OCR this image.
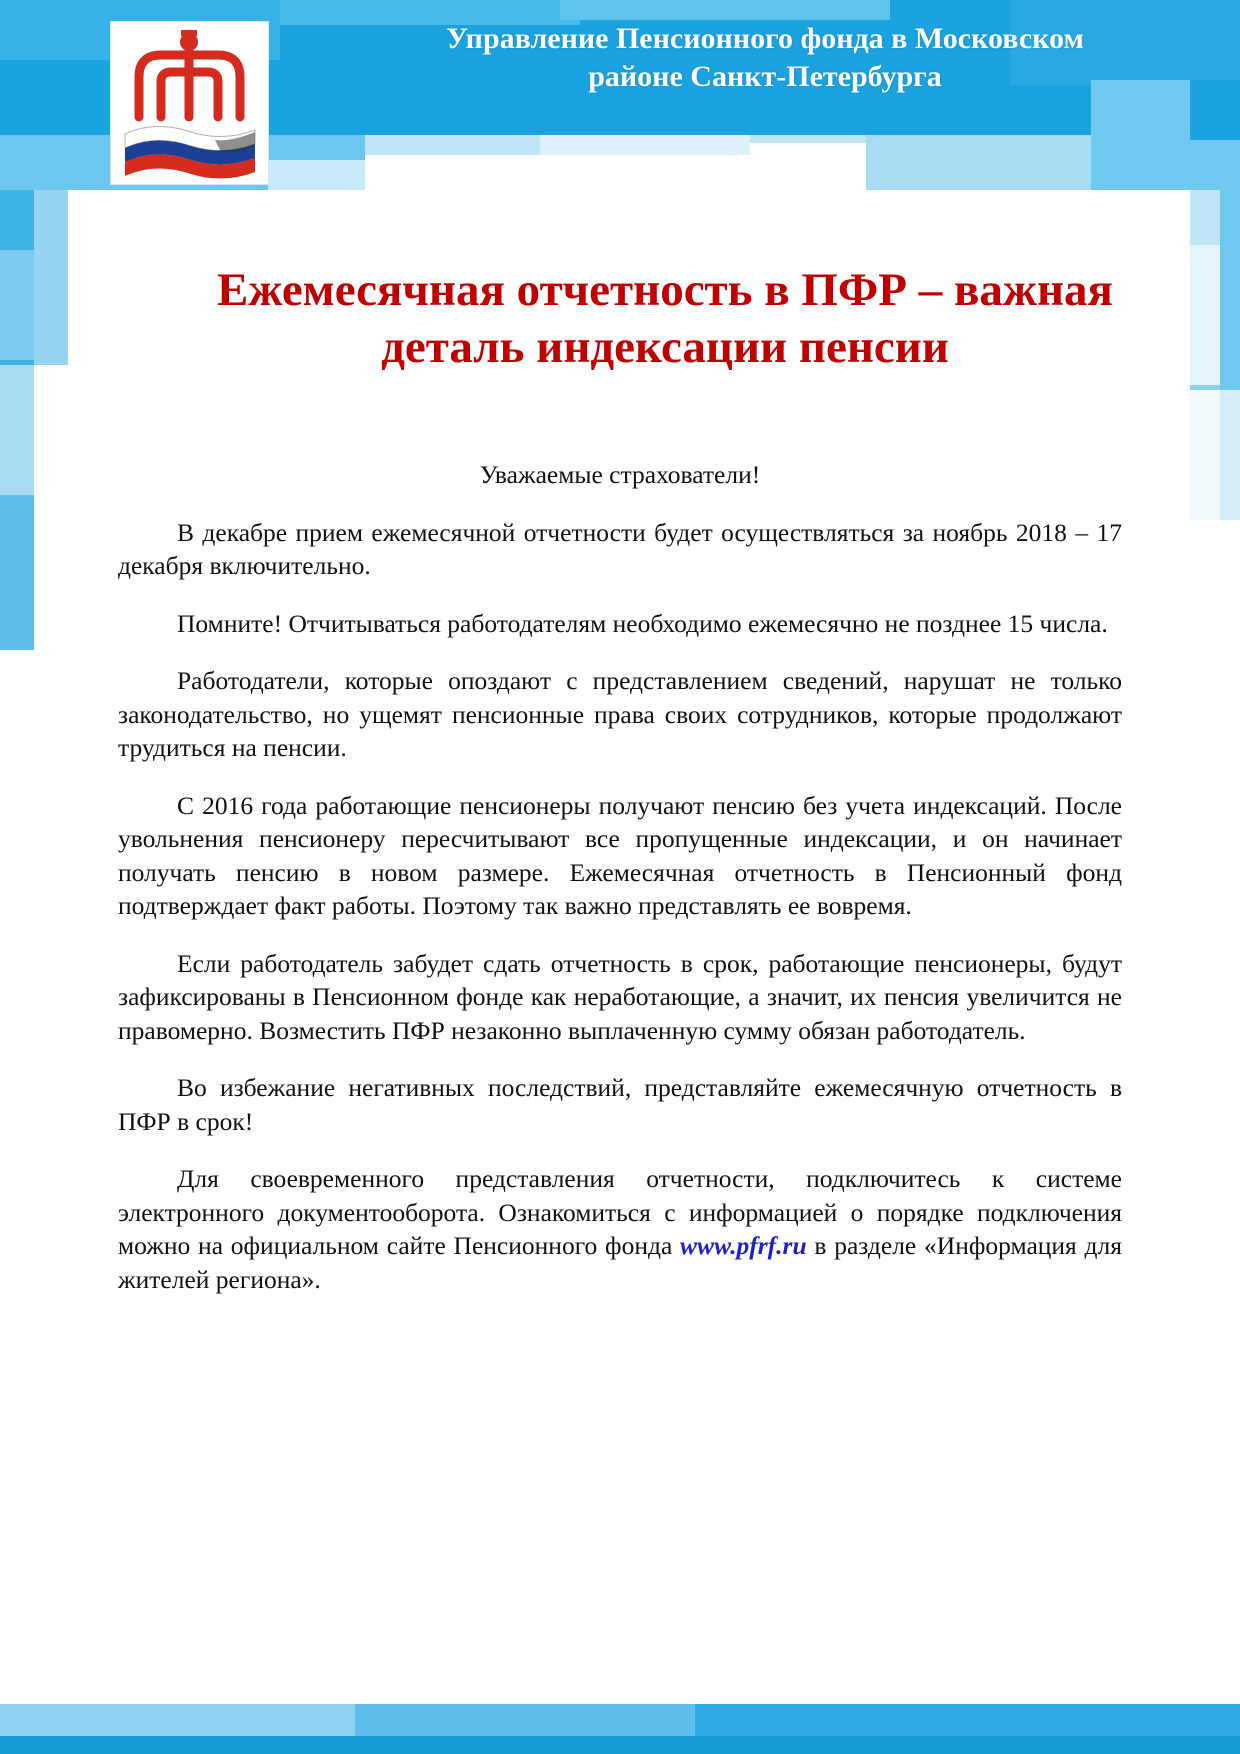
Управление Пенсионного фонда в Московском
районе Санкт-Петербурга
Ежемесячная отчетность в ПФР – важная деталь индексации пенсии

Уважаемые страхователи!

В декабре прием ежемесячной отчетности будет осуществляться за ноябрь 2018 – 17 декабря включительно.

Помните! Отчитываться работодателям необходимо ежемесячно не позднее 15 числа.

Работодатели, которые опоздают с представлением сведений, нарушат не только законодательство, но ущемят пенсионные права своих сотрудников, которые продолжают трудиться на пенсии.

С 2016 года работающие пенсионеры получают пенсию без учета индексаций. После увольнения пенсионеру пересчитывают все пропущенные индексации, и он начинает получать пенсию в новом размере. Ежемесячная отчетность в Пенсионный фонд подтверждает факт работы. Поэтому так важно представлять ее вовремя.

Если работодатель забудет сдать отчетность в срок, работающие пенсионеры, будут зафиксированы в Пенсионном фонде как неработающие, а значит, их пенсия увеличится не правомерно. Возместить ПФР незаконно выплаченную сумму обязан работодатель.

Во избежание негативных последствий, представляйте ежемесячную отчетность в ПФР в срок!

Для своевременного представления отчетности, подключитесь к системе электронного документооборота. Ознакомиться с информацией о порядке подключения можно на официальном сайте Пенсионного фонда www.pfrf.ru в разделе «Информация для жителей региона».
